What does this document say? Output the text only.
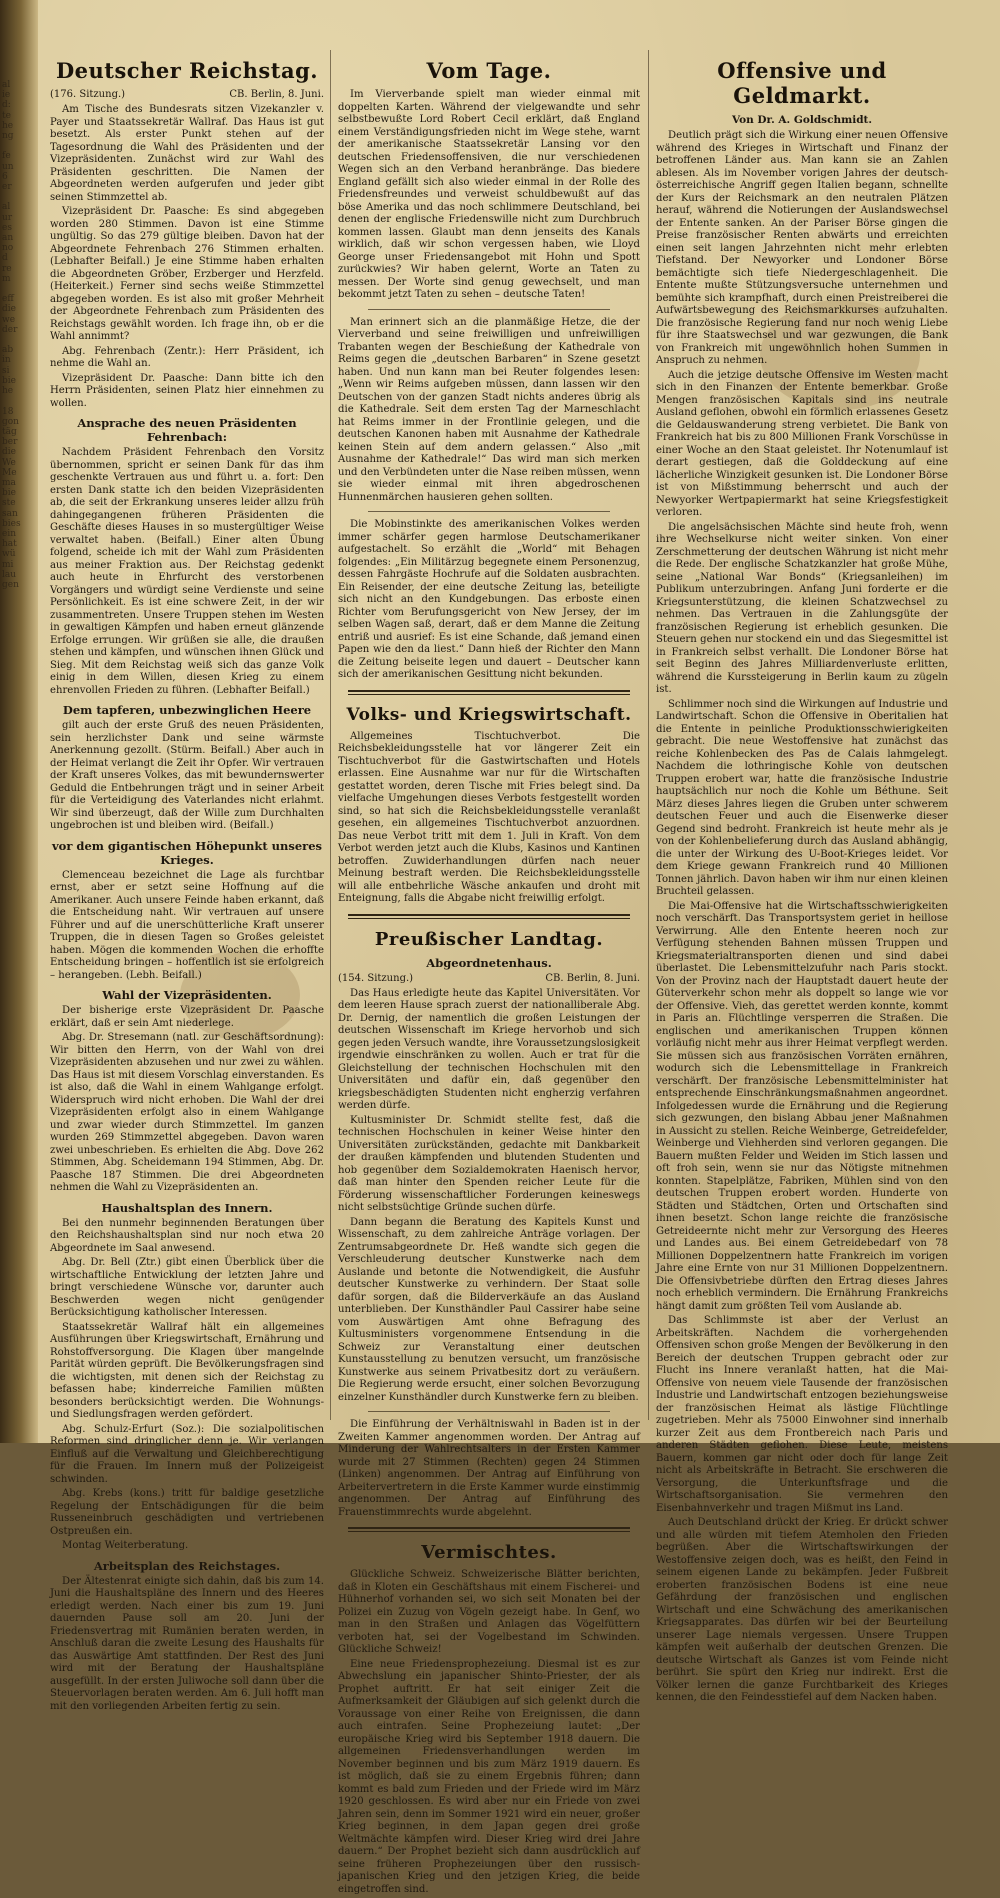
al
ie
d:
te
he
ng

fe
un
6
er

al
ur
es
an
no
d
re
m

eff
die
we
der

ab
in
si
bie
he

18
gon
täg
ber
die
We
Me
ma
bie
ste
san
bies
ein
hat
wü
mi
lau
gen
Deutscher Reichstag.
(176. Sitzung.)	CB. Berlin, 8. Juni.

Am Tische des Bundesrats sitzen Vizekanzler v. Payer und Staatssekretär Wallraf. Das Haus ist gut besetzt. Als erster Punkt stehen auf der Tagesordnung die Wahl des Präsidenten und der Vizepräsidenten. Zunächst wird zur Wahl des Präsidenten geschritten. Die Namen der Abgeordneten werden aufgerufen und jeder gibt seinen Stimmzettel ab.

Vizepräsident Dr. Paasche: Es sind abgegeben worden 280 Stimmen. Davon ist eine Stimme ungültig. So das 279 gültige bleiben. Davon hat der Abgeordnete Fehrenbach 276 Stimmen erhalten. (Lebhafter Beifall.) Je eine Stimme haben erhalten die Abgeordneten Gröber, Erzberger und Herzfeld. (Heiterkeit.) Ferner sind sechs weiße Stimmzettel abgegeben worden. Es ist also mit großer Mehrheit der Abgeordnete Fehrenbach zum Präsidenten des Reichstags gewählt worden. Ich frage ihn, ob er die Wahl annimmt?

Abg. Fehrenbach (Zentr.): Herr Präsident, ich nehme die Wahl an.

Vizepräsident Dr. Paasche: Dann bitte ich den Herrn Präsidenten, seinen Platz hier einnehmen zu wollen.

Ansprache des neuen Präsidenten Fehrenbach:

Nachdem Präsident Fehrenbach den Vorsitz übernommen, spricht er seinen Dank für das ihm geschenkte Vertrauen aus und führt u. a. fort: Den ersten Dank statte ich den beiden Vizepräsidenten ab, die seit der Erkrankung unseres leider allzu früh dahingegangenen früheren Präsidenten die Geschäfte dieses Hauses in so mustergültiger Weise verwaltet haben. (Beifall.) Einer alten Übung folgend, scheide ich mit der Wahl zum Präsidenten aus meiner Fraktion aus. Der Reichstag gedenkt auch heute in Ehrfurcht des verstorbenen Vorgängers und würdigt seine Verdienste und seine Persönlichkeit. Es ist eine schwere Zeit, in der wir zusammentreten. Unsere Truppen stehen im Westen in gewaltigen Kämpfen und haben erneut glänzende Erfolge errungen. Wir grüßen sie alle, die draußen stehen und kämpfen, und wünschen ihnen Glück und Sieg. Mit dem Reichstag weiß sich das ganze Volk einig in dem Willen, diesen Krieg zu einem ehrenvollen Frieden zu führen. (Lebhafter Beifall.)

Dem tapferen, unbezwinglichen Heere

gilt auch der erste Gruß des neuen Präsidenten, sein herzlichster Dank und seine wärmste Anerkennung gezollt. (Stürm. Beifall.) Aber auch in der Heimat verlangt die Zeit ihr Opfer. Wir vertrauen der Kraft unseres Volkes, das mit bewundernswerter Geduld die Entbehrungen trägt und in seiner Arbeit für die Verteidigung des Vaterlandes nicht erlahmt. Wir sind überzeugt, daß der Wille zum Durchhalten ungebrochen ist und bleiben wird. (Beifall.)

vor dem gigantischen Höhepunkt unseres Krieges.

Clemenceau bezeichnet die Lage als furchtbar ernst, aber er setzt seine Hoffnung auf die Amerikaner. Auch unsere Feinde haben erkannt, daß die Entscheidung naht. Wir vertrauen auf unsere Führer und auf die unerschütterliche Kraft unserer Truppen, die in diesen Tagen so Großes geleistet haben. Mögen die kommenden Wochen die erhoffte Entscheidung bringen – hoffentlich ist sie erfolgreich – herangeben. (Lebh. Beifall.)

Wahl der Vizepräsidenten.

Der bisherige erste Vizepräsident Dr. Paasche erklärt, daß er sein Amt niederlege.

Abg. Dr. Stresemann (natl. zur Geschäftsordnung): Wir bitten den Herrn, von der Wahl von drei Vizepräsidenten abzusehen und nur zwei zu wählen. Das Haus ist mit diesem Vorschlag einverstanden. Es ist also, daß die Wahl in einem Wahlgange erfolgt. Widerspruch wird nicht erhoben. Die Wahl der drei Vizepräsidenten erfolgt also in einem Wahlgange und zwar wieder durch Stimmzettel. Im ganzen wurden 269 Stimmzettel abgegeben. Davon waren zwei unbeschrieben. Es erhielten die Abg. Dove 262 Stimmen, Abg. Scheidemann 194 Stimmen, Abg. Dr. Paasche 187 Stimmen. Die drei Abgeordneten nehmen die Wahl zu Vizepräsidenten an.

Haushaltsplan des Innern.

Bei den nunmehr beginnenden Beratungen über den Reichshaushaltsplan sind nur noch etwa 20 Abgeordnete im Saal anwesend.

Abg. Dr. Bell (Ztr.) gibt einen Überblick über die wirtschaftliche Entwicklung der letzten Jahre und bringt verschiedene Wünsche vor, darunter auch Beschwerden wegen nicht genügender Berücksichtigung katholischer Interessen.

Staatssekretär Wallraf hält ein allgemeines Ausführungen über Kriegswirtschaft, Ernährung und Rohstoffversorgung. Die Klagen über mangelnde Parität würden geprüft. Die Bevölkerungsfragen sind die wichtigsten, mit denen sich der Reichstag zu befassen habe; kinderreiche Familien müßten besonders berücksichtigt werden. Die Wohnungs- und Siedlungsfragen werden gefördert.

Abg. Schulz-Erfurt (Soz.): Die sozialpolitischen Reformen sind dringlicher denn je. Wir verlangen Einfluß auf die Verwaltung und Gleichberechtigung für die Frauen. Im Innern muß der Polizeigeist schwinden.

Abg. Krebs (kons.) tritt für baldige gesetzliche Regelung der Entschädigungen für die beim Russeneinbruch geschädigten und vertriebenen Ostpreußen ein.

Montag Weiterberatung.

Arbeitsplan des Reichstages.

Der Ältestenrat einigte sich dahin, daß bis zum 14. Juni die Haushaltspläne des Innern und des Heeres erledigt werden. Nach einer bis zum 19. Juni dauernden Pause soll am 20. Juni der Friedensvertrag mit Rumänien beraten werden, in Anschluß daran die zweite Lesung des Haushalts für das Auswärtige Amt stattfinden. Der Rest des Juni wird mit der Beratung der Haushaltspläne ausgefüllt. In der ersten Juliwoche soll dann über die Steuervorlagen beraten werden. Am 6. Juli hofft man mit den vorliegenden Arbeiten fertig zu sein.

Vom Tage.

Im Vierverbande spielt man wieder einmal mit doppelten Karten. Während der vielgewandte und sehr selbstbewußte Lord Robert Cecil erklärt, daß England einem Verständigungsfrieden nicht im Wege stehe, warnt der amerikanische Staatssekretär Lansing vor den deutschen Friedensoffensiven, die nur verschiedenen Wegen sich an den Verband heranbränge. Das biedere England gefällt sich also wieder einmal in der Rolle des Friedensfreundes und verweist schuldbewußt auf das böse Amerika und das noch schlimmere Deutschland, bei denen der englische Friedenswille nicht zum Durchbruch kommen lassen. Glaubt man denn jenseits des Kanals wirklich, daß wir schon vergessen haben, wie Lloyd George unser Friedensangebot mit Hohn und Spott zurückwies? Wir haben gelernt, Worte an Taten zu messen. Der Worte sind genug gewechselt, und man bekommt jetzt Taten zu sehen – deutsche Taten!

Man erinnert sich an die planmäßige Hetze, die der Vierverband und seine freiwilligen und unfreiwilligen Trabanten wegen der Beschießung der Kathedrale von Reims gegen die „deutschen Barbaren“ in Szene gesetzt haben. Und nun kann man bei Reuter folgendes lesen: „Wenn wir Reims aufgeben müssen, dann lassen wir den Deutschen von der ganzen Stadt nichts anderes übrig als die Kathedrale. Seit dem ersten Tag der Marneschlacht hat Reims immer in der Frontlinie gelegen, und die deutschen Kanonen haben mit Ausnahme der Kathedrale keinen Stein auf dem andern gelassen.“ Also „mit Ausnahme der Kathedrale!“ Das wird man sich merken und den Verbündeten unter die Nase reiben müssen, wenn sie wieder einmal mit ihren abgedroschenen Hunnenmärchen hausieren gehen sollten.

Die Mobinstinkte des amerikanischen Volkes werden immer schärfer gegen harmlose Deutschamerikaner aufgestachelt. So erzählt die „World“ mit Behagen folgendes: „Ein Militärzug begegnete einem Personenzug, dessen Fahrgäste Hochrufe auf die Soldaten ausbrachten. Ein Reisender, der eine deutsche Zeitung las, beteiligte sich nicht an den Kundgebungen. Das erboste einen Richter vom Berufungsgericht von New Jersey, der im selben Wagen saß, derart, daß er dem Manne die Zeitung entriß und ausrief: Es ist eine Schande, daß jemand einen Papen wie den da liest.“ Dann hieß der Richter den Mann die Zeitung beiseite legen und dauert – Deutscher kann sich der amerikanischen Gesittung nicht bekunden.

Volks- und Kriegswirtschaft.

Allgemeines Tischtuchverbot. Die Reichsbekleidungsstelle hat vor längerer Zeit ein Tischtuchverbot für die Gastwirtschaften und Hotels erlassen. Eine Ausnahme war nur für die Wirtschaften gestattet worden, deren Tische mit Fries belegt sind. Da vielfache Umgehungen dieses Verbots festgestellt worden sind, so hat sich die Reichsbekleidungsstelle veranlaßt gesehen, ein allgemeines Tischtuchverbot anzuordnen. Das neue Verbot tritt mit dem 1. Juli in Kraft. Von dem Verbot werden jetzt auch die Klubs, Kasinos und Kantinen betroffen. Zuwiderhandlungen dürfen nach neuer Meinung bestraft werden. Die Reichsbekleidungsstelle will alle entbehrliche Wäsche ankaufen und droht mit Enteignung, falls die Abgabe nicht freiwillig erfolgt.

Preußischer Landtag.
Abgeordnetenhaus.
(154. Sitzung.)	CB. Berlin, 8. Juni.

Das Haus erledigte heute das Kapitel Universitäten. Vor dem leeren Hause sprach zuerst der nationalliberale Abg. Dr. Dernig, der namentlich die großen Leistungen der deutschen Wissenschaft im Kriege hervorhob und sich gegen jeden Versuch wandte, ihre Voraussetzungslosigkeit irgendwie einschränken zu wollen. Auch er trat für die Gleichstellung der technischen Hochschulen mit den Universitäten und dafür ein, daß gegenüber den kriegsbeschädigten Studenten nicht engherzig verfahren werden dürfe.

Kultusminister Dr. Schmidt stellte fest, daß die technischen Hochschulen in keiner Weise hinter den Universitäten zurückständen, gedachte mit Dankbarkeit der draußen kämpfenden und blutenden Studenten und hob gegenüber dem Sozialdemokraten Haenisch hervor, daß man hinter den Spenden reicher Leute für die Förderung wissenschaftlicher Forderungen keineswegs nicht selbstsüchtige Gründe suchen dürfe.

Dann begann die Beratung des Kapitels Kunst und Wissenschaft, zu dem zahlreiche Anträge vorlagen. Der Zentrumsabgeordnete Dr. Heß wandte sich gegen die Verschleuderung deutscher Kunstwerke nach dem Auslande und betonte die Notwendigkeit, die Ausfuhr deutscher Kunstwerke zu verhindern. Der Staat solle dafür sorgen, daß die Bilderverkäufe an das Ausland unterblieben. Der Kunsthändler Paul Cassirer habe seine vom Auswärtigen Amt ohne Befragung des Kultusministers vorgenommene Entsendung in die Schweiz zur Veranstaltung einer deutschen Kunstausstellung zu benutzen versucht, um französische Kunstwerke aus seinem Privatbesitz dort zu veräußern. Die Regierung werde ersucht, einer solchen Bevorzugung einzelner Kunsthändler durch Kunstwerke fern zu bleiben.

Die Einführung der Verhältniswahl in Baden ist in der Zweiten Kammer angenommen worden. Der Antrag auf Minderung der Wahlrechtsalters in der Ersten Kammer wurde mit 27 Stimmen (Rechten) gegen 24 Stimmen (Linken) angenommen. Der Antrag auf Einführung von Arbeitervertretern in die Erste Kammer wurde einstimmig angenommen. Der Antrag auf Einführung des Frauenstimmrechts wurde abgelehnt.

Vermischtes.

Glückliche Schweiz. Schweizerische Blätter berichten, daß in Kloten ein Geschäftshaus mit einem Fischerei- und Hühnerhof vorhanden sei, wo sich seit Monaten bei der Polizei ein Zuzug von Vögeln gezeigt habe. In Genf, wo man in den Straßen und Anlagen das Vögelfüttern verboten hat, sei der Vogelbestand im Schwinden. Glückliche Schweiz!

Eine neue Friedensprophezeiung. Diesmal ist es zur Abwechslung ein japanischer Shinto-Priester, der als Prophet auftritt. Er hat seit einiger Zeit die Aufmerksamkeit der Gläubigen auf sich gelenkt durch die Voraussage von einer Reihe von Ereignissen, die dann auch eintrafen. Seine Prophezeiung lautet: „Der europäische Krieg wird bis September 1918 dauern. Die allgemeinen Friedensverhandlungen werden im November beginnen und bis zum März 1919 dauern. Es ist möglich, daß sie zu einem Ergebnis führen; dann kommt es bald zum Frieden und der Friede wird im März 1920 geschlossen. Es wird aber nur ein Friede von zwei Jahren sein, denn im Sommer 1921 wird ein neuer, großer Krieg beginnen, in dem Japan gegen drei große Weltmächte kämpfen wird. Dieser Krieg wird drei Jahre dauern.“ Der Prophet bezieht sich dann ausdrücklich auf seine früheren Prophezeiungen über den russisch-japanischen Krieg und den jetzigen Krieg, die beide eingetroffen sind.

Offensive und Geldmarkt.
Von Dr. A. Goldschmidt.

Deutlich prägt sich die Wirkung einer neuen Offensive während des Krieges in Wirtschaft und Finanz der betroffenen Länder aus. Man kann sie an Zahlen ablesen. Als im November vorigen Jahres der deutsch-österreichische Angriff gegen Italien begann, schnellte der Kurs der Reichsmark an den neutralen Plätzen herauf, während die Notierungen der Auslandswechsel der Entente sanken. An der Pariser Börse gingen die Preise französischer Renten abwärts und erreichten einen seit langen Jahrzehnten nicht mehr erlebten Tiefstand. Der Newyorker und Londoner Börse bemächtigte sich tiefe Niedergeschlagenheit. Die Entente mußte Stützungsversuche unternehmen und bemühte sich krampfhaft, durch einen Preistreiberei die Aufwärtsbewegung des Reichsmarkkurses aufzuhalten. Die französische Regierung fand nur noch wenig Liebe für ihre Staatswechsel und war gezwungen, die Bank von Frankreich mit ungewöhnlich hohen Summen in Anspruch zu nehmen.

Auch die jetzige deutsche Offensive im Westen macht sich in den Finanzen der Entente bemerkbar. Große Mengen französischen Kapitals sind ins neutrale Ausland geflohen, obwohl ein förmlich erlassenes Gesetz die Geldauswanderung streng verbietet. Die Bank von Frankreich hat bis zu 800 Millionen Frank Vorschüsse in einer Woche an den Staat geleistet. Ihr Notenumlauf ist derart gestiegen, daß die Golddeckung auf eine lächerliche Winzigkeit gesunken ist. Die Londoner Börse ist von Mißstimmung beherrscht und auch der Newyorker Wertpapiermarkt hat seine Kriegsfestigkeit verloren.

Die angelsächsischen Mächte sind heute froh, wenn ihre Wechselkurse nicht weiter sinken. Von einer Zerschmetterung der deutschen Währung ist nicht mehr die Rede. Der englische Schatzkanzler hat große Mühe, seine „National War Bonds“ (Kriegsanleihen) im Publikum unterzubringen. Anfang Juni forderte er die Kriegsunterstützung, die kleinen Schatzwechsel zu nehmen. Das Vertrauen in die Zahlungsgüte der französischen Regierung ist erheblich gesunken. Die Steuern gehen nur stockend ein und das Siegesmittel ist in Frankreich selbst verhallt. Die Londoner Börse hat seit Beginn des Jahres Milliardenverluste erlitten, während die Kurssteigerung in Berlin kaum zu zügeln ist.

Schlimmer noch sind die Wirkungen auf Industrie und Landwirtschaft. Schon die Offensive in Oberitalien hat die Entente in peinliche Produktionsschwierigkeiten gebracht. Die neue Westoffensive hat zunächst das reiche Kohlenbecken des Pas de Calais lahmgelegt. Nachdem die lothringische Kohle von deutschen Truppen erobert war, hatte die französische Industrie hauptsächlich nur noch die Kohle um Béthune. Seit März dieses Jahres liegen die Gruben unter schwerem deutschen Feuer und auch die Eisenwerke dieser Gegend sind bedroht. Frankreich ist heute mehr als je von der Kohlenbelieferung durch das Ausland abhängig, die unter der Wirkung des U-Boot-Krieges leidet. Vor dem Kriege gewann Frankreich rund 40 Millionen Tonnen jährlich. Davon haben wir ihm nur einen kleinen Bruchteil gelassen.

Die Mai-Offensive hat die Wirtschaftsschwierigkeiten noch verschärft. Das Transportsystem geriet in heillose Verwirrung. Alle den Entente heeren noch zur Verfügung stehenden Bahnen müssen Truppen und Kriegsmaterialtransporten dienen und sind dabei überlastet. Die Lebensmittelzufuhr nach Paris stockt. Von der Provinz nach der Hauptstadt dauert heute der Güterverkehr schon mehr als doppelt so lange wie vor der Offensive. Vieh, das gerettet werden konnte, kommt in Paris an. Flüchtlinge versperren die Straßen. Die englischen und amerikanischen Truppen können vorläufig nicht mehr aus ihrer Heimat verpflegt werden. Sie müssen sich aus französischen Vorräten ernähren, wodurch sich die Lebensmittellage in Frankreich verschärft. Der französische Lebensmittelminister hat entsprechende Einschränkungsmaßnahmen angeordnet. Infolgedessen wurde die Ernährung und die Regierung sich gezwungen, den bislang Abbau jener Maßnahmen in Aussicht zu stellen. Reiche Weinberge, Getreidefelder, Weinberge und Viehherden sind verloren gegangen. Die Bauern mußten Felder und Weiden im Stich lassen und oft froh sein, wenn sie nur das Nötigste mitnehmen konnten. Stapelplätze, Fabriken, Mühlen sind von den deutschen Truppen erobert worden. Hunderte von Städten und Städtchen, Orten und Ortschaften sind ihnen besetzt. Schon lange reichte die französische Getreideernte nicht mehr zur Versorgung des Heeres und Landes aus. Bei einem Getreidebedarf von 78 Millionen Doppelzentnern hatte Frankreich im vorigen Jahre eine Ernte von nur 31 Millionen Doppelzentnern. Die Offensivbetriebe dürften den Ertrag dieses Jahres noch erheblich vermindern. Die Ernährung Frankreichs hängt damit zum größten Teil vom Auslande ab.

Das Schlimmste ist aber der Verlust an Arbeitskräften. Nachdem die vorhergehenden Offensiven schon große Mengen der Bevölkerung in den Bereich der deutschen Truppen gebracht oder zur Flucht ins Innere veranlaßt hatten, hat die Mai-Offensive von neuem viele Tausende der französischen Industrie und Landwirtschaft entzogen beziehungsweise der französischen Heimat als lästige Flüchtlinge zugetrieben. Mehr als 75000 Einwohner sind innerhalb kurzer Zeit aus dem Frontbereich nach Paris und anderen Städten geflohen. Diese Leute, meistens Bauern, kommen gar nicht oder doch für lange Zeit nicht als Arbeitskräfte in Betracht. Sie erschweren die Versorgung, die Unterkunftsfrage und die Wirtschaftsorganisation. Sie vermehren den Eisenbahnverkehr und tragen Mißmut ins Land.

Auch Deutschland drückt der Krieg. Er drückt schwer und alle würden mit tiefem Atemholen den Frieden begrüßen. Aber die Wirtschaftswirkungen der Westoffensive zeigen doch, was es heißt, den Feind in seinem eigenen Lande zu bekämpfen. Jeder Fußbreit eroberten französischen Bodens ist eine neue Gefährdung der französischen und englischen Wirtschaft und eine Schwächung des amerikanischen Kriegsapparates. Das dürfen wir bei der Beurteilung unserer Lage niemals vergessen. Unsere Truppen kämpfen weit außerhalb der deutschen Grenzen. Die deutsche Wirtschaft als Ganzes ist vom Feinde nicht berührt. Sie spürt den Krieg nur indirekt. Erst die Völker lernen die ganze Furchtbarkeit des Krieges kennen, die den Feindesstiefel auf dem Nacken haben.
